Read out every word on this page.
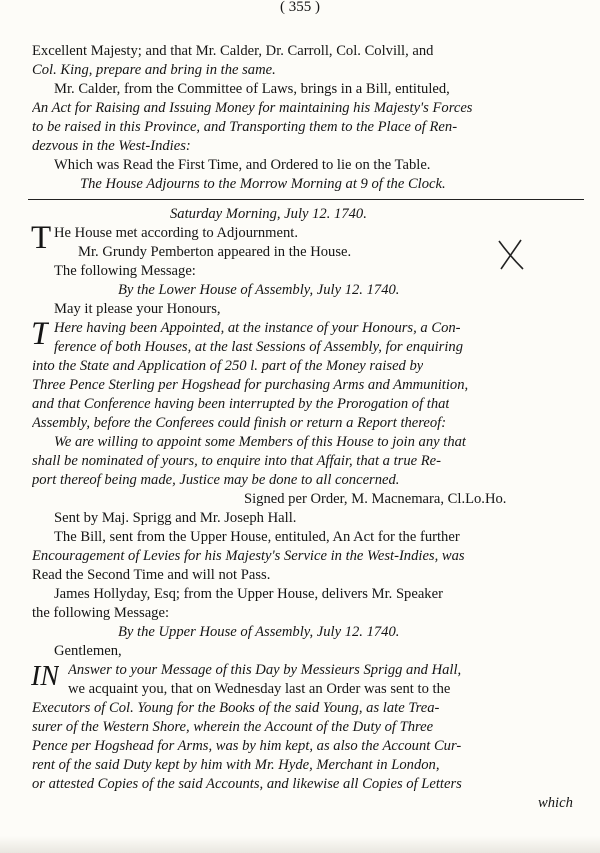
( 355 )
Excellent Majesty; and that Mr. Calder, Dr. Carroll, Col. Colvill, and
Col. King, prepare and bring in the same.
Mr. Calder, from the Committee of Laws, brings in a Bill, entituled,
An Act for Raising and Issuing Money for maintaining his Majesty's Forces
to be raised in this Province, and Transporting them to the Place of Ren-
dezvous in the West-Indies:
Which was Read the First Time, and Ordered to lie on the Table.
The House Adjourns to the Morrow Morning at 9 of the Clock.
Saturday Morning, July 12. 1740.
T He House met according to Adjournment.
Mr. Grundy Pemberton appeared in the House.
The following Message:
By the Lower House of Assembly, July 12. 1740.
May it please your Honours,
T Here having been Appointed, at the instance of your Honours, a Con-
ference of both Houses, at the last Sessions of Assembly, for enquiring
into the State and Application of 250 l. part of the Money raised by
Three Pence Sterling per Hogshead for purchasing Arms and Ammunition,
and that Conference having been interrupted by the Prorogation of that
Assembly, before the Conferees could finish or return a Report thereof:
We are willing to appoint some Members of this House to join any that
shall be nominated of yours, to enquire into that Affair, that a true Re-
port thereof being made, Justice may be done to all concerned.
Signed per Order, M. Macnemara, Cl.Lo.Ho.
Sent by Maj. Sprigg and Mr. Joseph Hall.
The Bill, sent from the Upper House, entituled, An Act for the further
Encouragement of Levies for his Majesty's Service in the West-Indies, was
Read the Second Time and will not Pass.
James Hollyday, Esq; from the Upper House, delivers Mr. Speaker
the following Message:
By the Upper House of Assembly, July 12. 1740.
Gentlemen,
IN Answer to your Message of this Day by Messieurs Sprigg and Hall,
we acquaint you, that on Wednesday last an Order was sent to the
Executors of Col. Young for the Books of the said Young, as late Trea-
surer of the Western Shore, wherein the Account of the Duty of Three
Pence per Hogshead for Arms, was by him kept, as also the Account Cur-
rent of the said Duty kept by him with Mr. Hyde, Merchant in London,
or attested Copies of the said Accounts, and likewise all Copies of Letters
which
